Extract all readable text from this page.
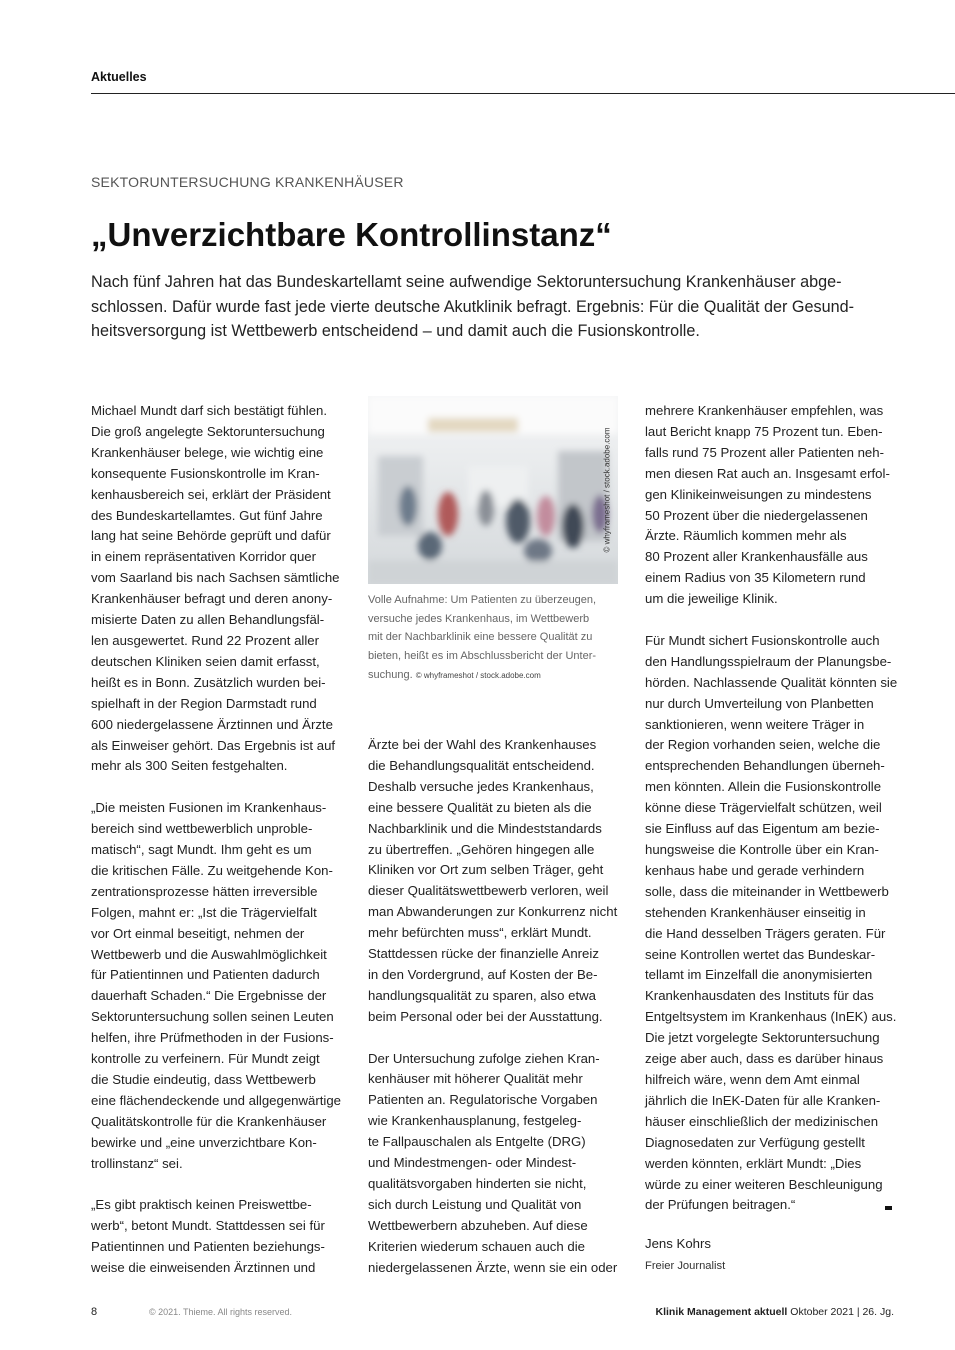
Aktuelles
SEKTORUNTERSUCHUNG KRANKENHÄUSER
„Unverzichtbare Kontrollinstanz“
Nach fünf Jahren hat das Bundeskartellamt seine aufwendige Sektoruntersuchung Krankenhäuser abge-
schlossen. Dafür wurde fast jede vierte deutsche Akutklinik befragt. Ergebnis: Für die Qualität der Gesund-
heitsversorgung ist Wettbewerb entscheidend – und damit auch die Fusionskontrolle.
Michael Mundt darf sich bestätigt fühlen.
Die groß angelegte Sektoruntersuchung
Krankenhäuser belege, wie wichtig eine
konsequente Fusionskontrolle im Kran-
kenhausbereich sei, erklärt der Präsident
des Bundeskartellamtes. Gut fünf Jahre
lang hat seine Behörde geprüft und dafür
in einem repräsentativen Korridor quer
vom Saarland bis nach Sachsen sämtliche
Krankenhäuser befragt und deren anony-
misierte Daten zu allen Behandlungsfäl-
len ausgewertet. Rund 22 Prozent aller
deutschen Kliniken seien damit erfasst,
heißt es in Bonn. Zusätzlich wurden bei-
spielhaft in der Region Darmstadt rund
600 niedergelassene Ärztinnen und Ärzte
als Einweiser gehört. Das Ergebnis ist auf
mehr als 300 Seiten festgehalten.
„Die meisten Fusionen im Krankenhaus-
bereich sind wettbewerblich unproble-
matisch“, sagt Mundt. Ihm geht es um
die kritischen Fälle. Zu weitgehende Kon-
zentrationsprozesse hätten irreversible
Folgen, mahnt er: „Ist die Trägervielfalt
vor Ort einmal beseitigt, nehmen der
Wettbewerb und die Auswahlmöglichkeit
für Patientinnen und Patienten dadurch
dauerhaft Schaden.“ Die Ergebnisse der
Sektoruntersuchung sollen seinen Leuten
helfen, ihre Prüfmethoden in der Fusions-
kontrolle zu verfeinern. Für Mundt zeigt
die Studie eindeutig, dass Wettbewerb
eine flächendeckende und allgegenwärtige
Qualitätskontrolle für die Krankenhäuser
bewirke und „eine unverzichtbare Kon-
trollinstanz“ sei.
„Es gibt praktisch keinen Preiswettbe-
werb“, betont Mundt. Stattdessen sei für
Patientinnen und Patienten beziehungs-
weise die einweisenden Ärztinnen und
© whyframeshot / stock.adobe.com
Volle Aufnahme: Um Patienten zu überzeugen,
versuche jedes Krankenhaus, im Wettbewerb
mit der Nachbarklinik eine bessere Qualität zu
bieten, heißt es im Abschlussbericht der Unter-
suchung. © whyframeshot / stock.adobe.com
Ärzte bei der Wahl des Krankenhauses
die Behandlungsqualität entscheidend.
Deshalb versuche jedes Krankenhaus,
eine bessere Qualität zu bieten als die
Nachbarklinik und die Mindeststandards
zu übertreffen. „Gehören hingegen alle
Kliniken vor Ort zum selben Träger, geht
dieser Qualitätswettbewerb verloren, weil
man Abwanderungen zur Konkurrenz nicht
mehr befürchten muss“, erklärt Mundt.
Stattdessen rücke der finanzielle Anreiz
in den Vordergrund, auf Kosten der Be-
handlungsqualität zu sparen, also etwa
beim Personal oder bei der Ausstattung.
Der Untersuchung zufolge ziehen Kran-
kenhäuser mit höherer Qualität mehr
Patienten an. Regulatorische Vorgaben
wie Krankenhausplanung, festgeleg-
te Fallpauschalen als Entgelte (DRG)
und Mindestmengen- oder Mindest-
qualitätsvorgaben hinderten sie nicht,
sich durch Leistung und Qualität von
Wettbewerbern abzuheben. Auf diese
Kriterien wiederum schauen auch die
niedergelassenen Ärzte, wenn sie ein oder
mehrere Krankenhäuser empfehlen, was
laut Bericht knapp 75 Prozent tun. Eben-
falls rund 75 Prozent aller Patienten neh-
men diesen Rat auch an. Insgesamt erfol-
gen Klinikeinweisungen zu mindestens
50 Prozent über die niedergelassenen
Ärzte. Räumlich kommen mehr als
80 Prozent aller Krankenhausfälle aus
einem Radius von 35 Kilometern rund
um die jeweilige Klinik.
Für Mundt sichert Fusionskontrolle auch
den Handlungsspielraum der Planungsbe-
hörden. Nachlassende Qualität könnten sie
nur durch Umverteilung von Planbetten
sanktionieren, wenn weitere Träger in
der Region vorhanden seien, welche die
entsprechenden Behandlungen überneh-
men könnten. Allein die Fusionskontrolle
könne diese Trägervielfalt schützen, weil
sie Einfluss auf das Eigentum am bezie-
hungsweise die Kontrolle über ein Kran-
kenhaus habe und gerade verhindern
solle, dass die miteinander in Wettbewerb
stehenden Krankenhäuser einseitig in
die Hand desselben Trägers geraten. Für
seine Kontrollen wertet das Bundeskar-
tellamt im Einzelfall die anonymisierten
Krankenhausdaten des Instituts für das
Entgeltsystem im Krankenhaus (InEK) aus.
Die jetzt vorgelegte Sektoruntersuchung
zeige aber auch, dass es darüber hinaus
hilfreich wäre, wenn dem Amt einmal
jährlich die InEK-Daten für alle Kranken-
häuser einschließlich der medizinischen
Diagnosedaten zur Verfügung gestellt
werden könnten, erklärt Mundt: „Dies
würde zu einer weiteren Beschleunigung
der Prüfungen beitragen.“
Jens Kohrs
Freier Journalist
8	© 2021. Thieme. All rights reserved.	Klinik Management aktuell Oktober 2021 | 26. Jg.
